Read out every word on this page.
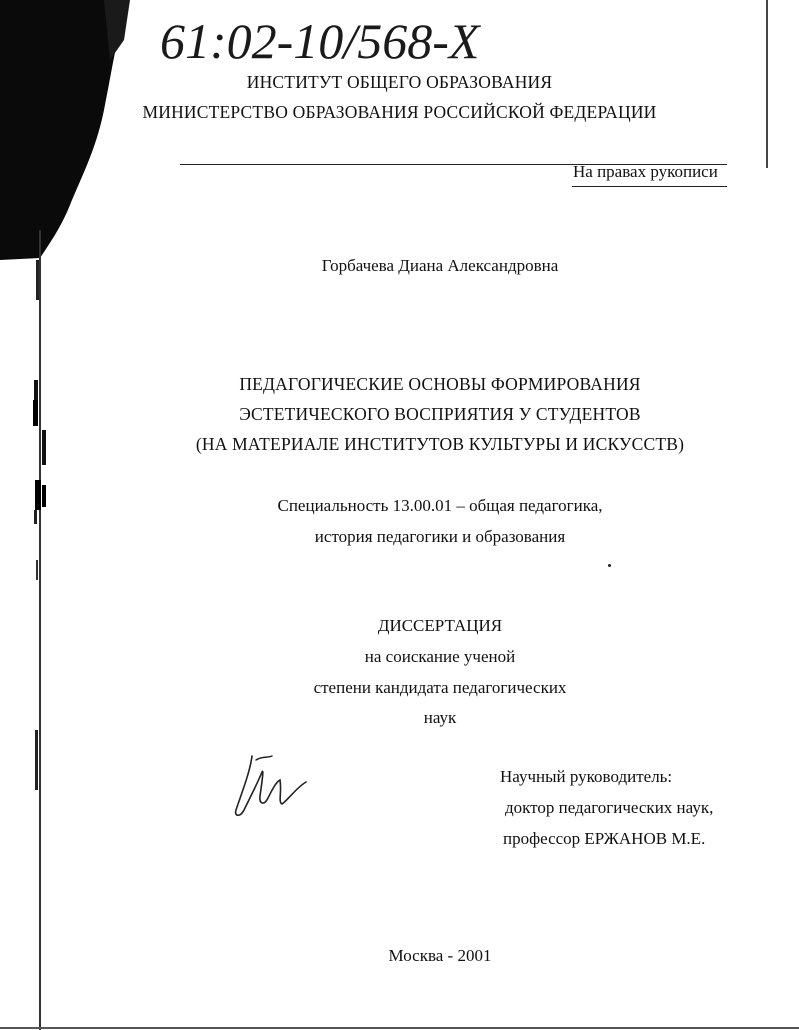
61:02-10/568-X
ИНСТИТУТ ОБЩЕГО ОБРАЗОВАНИЯ
МИНИСТЕРСТВО ОБРАЗОВАНИЯ РОССИЙСКОЙ ФЕДЕРАЦИИ
На правах рукописи
Горбачева Диана Александровна
ПЕДАГОГИЧЕСКИЕ ОСНОВЫ ФОРМИРОВАНИЯ
ЭСТЕТИЧЕСКОГО ВОСПРИЯТИЯ У СТУДЕНТОВ
(НА МАТЕРИАЛЕ ИНСТИТУТОВ КУЛЬТУРЫ И ИСКУССТВ)
Специальность 13.00.01 – общая педагогика,
история педагогики и образования
ДИССЕРТАЦИЯ
на соискание ученой
степени кандидата педагогических
наук
Научный руководитель:
доктор педагогических наук,
профессор ЕРЖАНОВ М.Е.
Москва - 2001
